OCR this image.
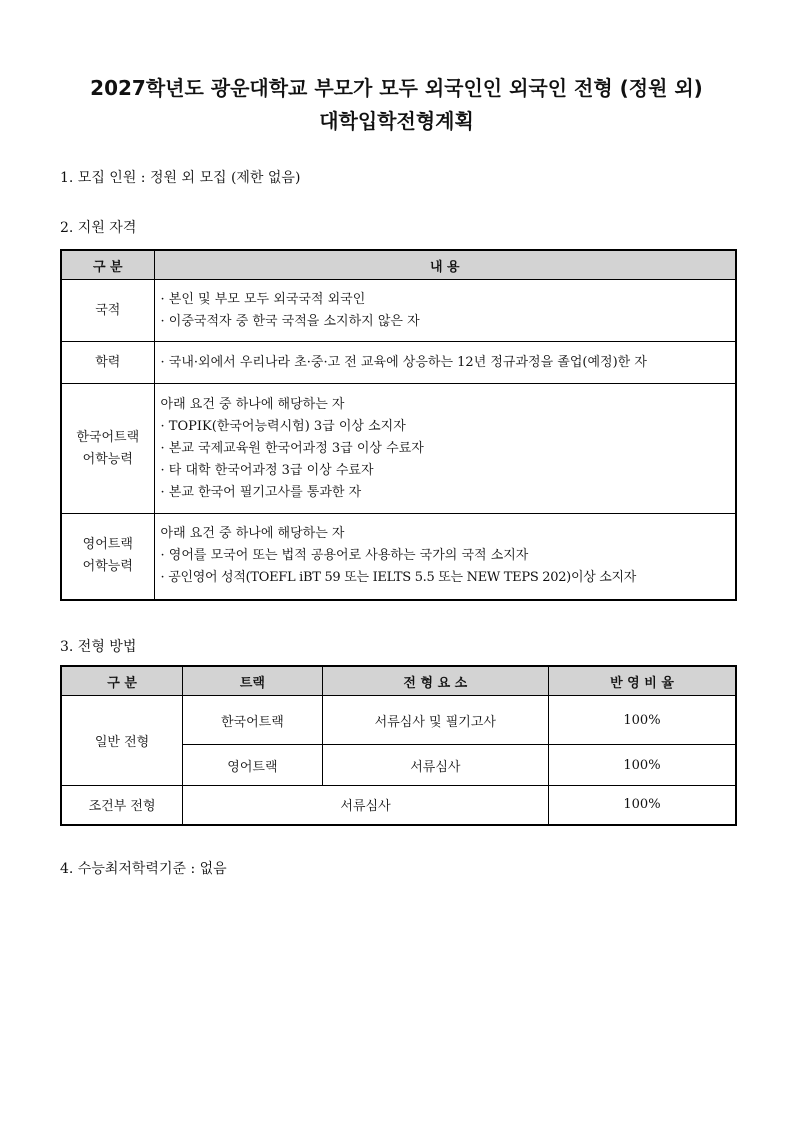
2027학년도 광운대학교 부모가 모두 외국인인 외국인 전형 (정원 외)
대학입학전형계획
1. 모집 인원 : 정원 외 모집 (제한 없음)
2. 지원 자격
구 분	내 용

국적	· 본인 및 부모 모두 외국국적 외국인
· 이중국적자 중 한국 국적을 소지하지 않은 자

학력	· 국내·외에서 우리나라 초·중·고 전 교육에 상응하는 12년 정규과정을 졸업(예정)한 자

한국어트랙
어학능력	아래 요건 중 하나에 해당하는 자
· TOPIK(한국어능력시험) 3급 이상 소지자
· 본교 국제교육원 한국어과정 3급 이상 수료자
· 타 대학 한국어과정 3급 이상 수료자
· 본교 한국어 필기고사를 통과한 자

영어트랙
어학능력	아래 요건 중 하나에 해당하는 자
· 영어를 모국어 또는 법적 공용어로 사용하는 국가의 국적 소지자
· 공인영어 성적(TOEFL iBT 59 또는 IELTS 5.5 또는 NEW TEPS 202)이상 소지자
3. 전형 방법
구 분	트랙	전 형 요 소	반 영 비 율
일반 전형	한국어트랙	서류심사 및 필기고사	100%
	영어트랙	서류심사	100%
조건부 전형	서류심사		100%
4. 수능최저학력기준 : 없음
